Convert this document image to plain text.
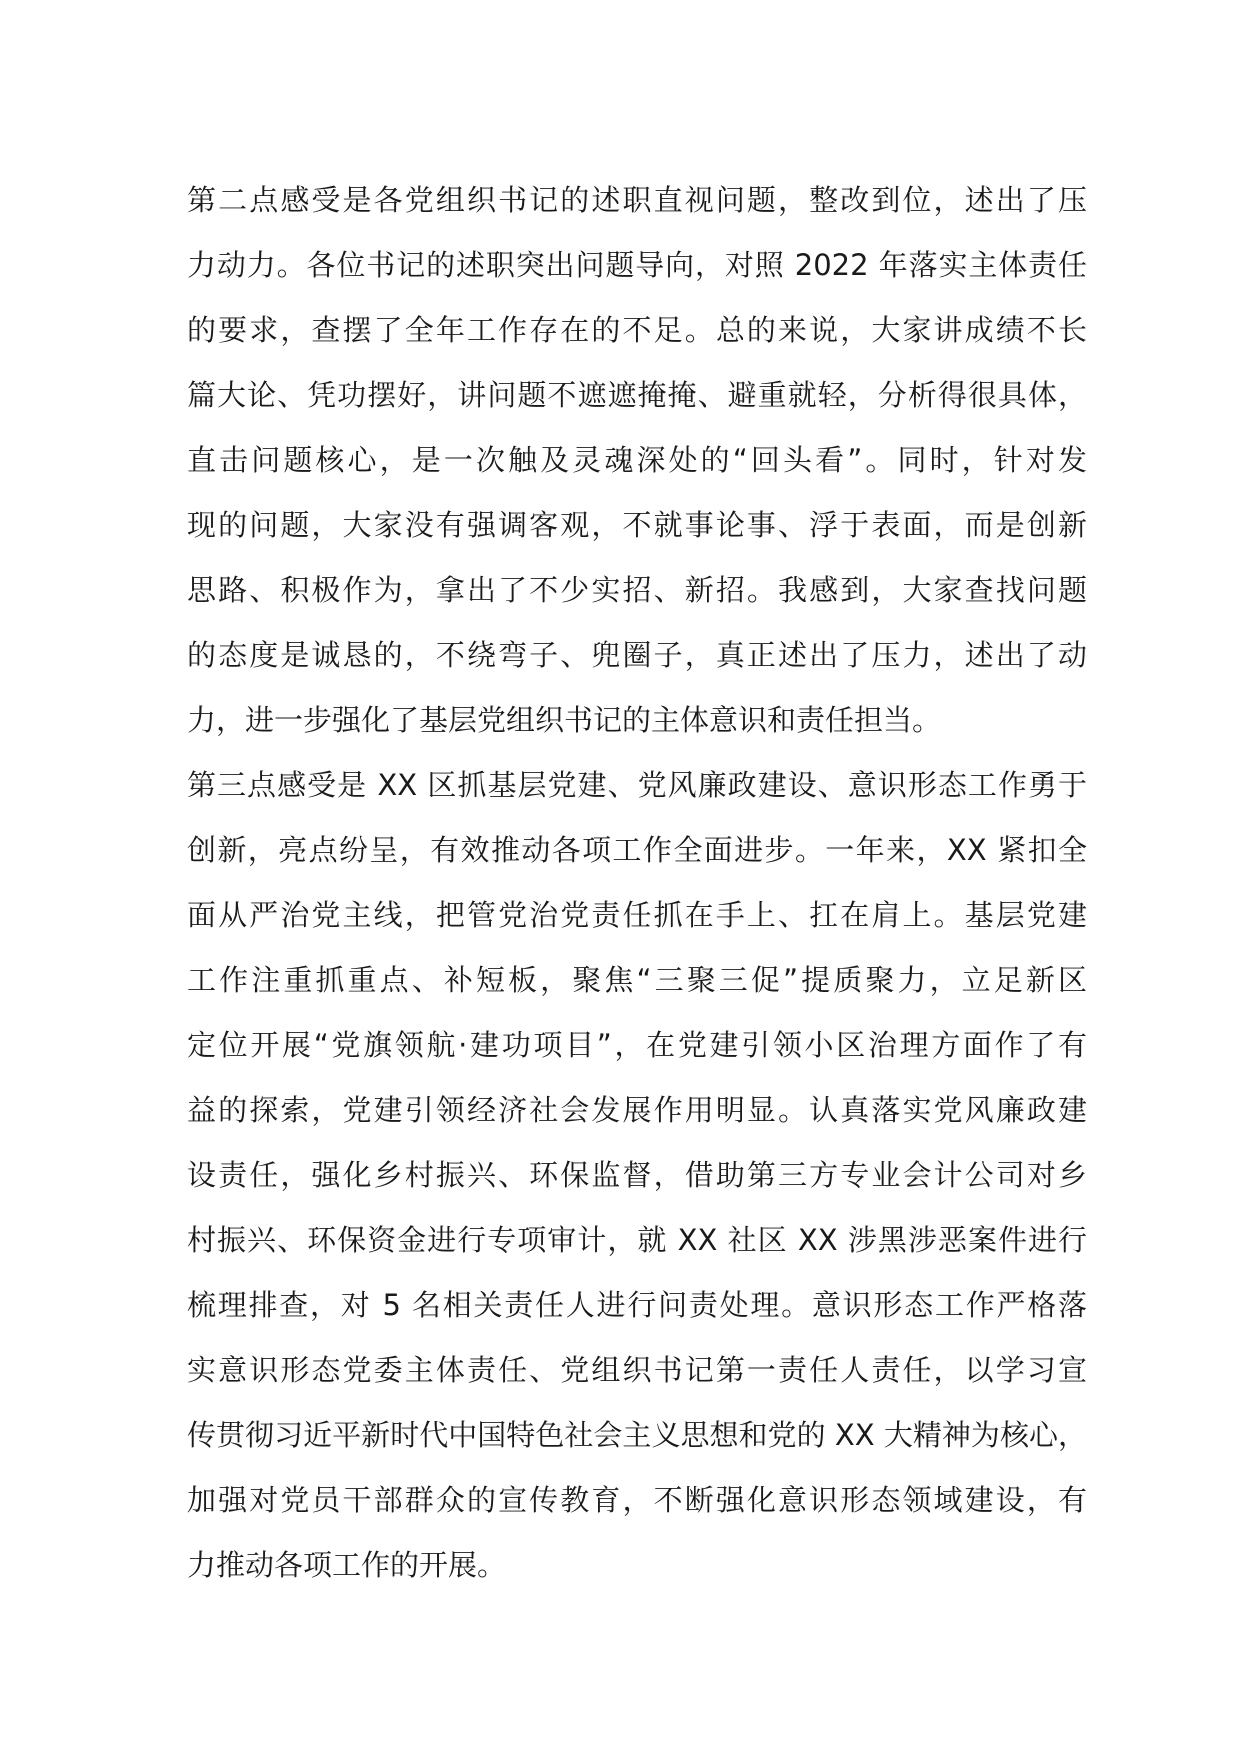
第二点感受是各党组织书记的述职直视问题，整改到位，述出了压
力动力。各位书记的述职突出问题导向，对照 2022 年落实主体责任
的要求，查摆了全年工作存在的不足。总的来说，大家讲成绩不长
篇大论、凭功摆好，讲问题不遮遮掩掩、避重就轻，分析得很具体，
直击问题核心，是一次触及灵魂深处的“回头看”。同时，针对发
现的问题，大家没有强调客观，不就事论事、浮于表面，而是创新
思路、积极作为，拿出了不少实招、新招。我感到，大家查找问题
的态度是诚恳的，不绕弯子、兜圈子，真正述出了压力，述出了动
力，进一步强化了基层党组织书记的主体意识和责任担当。
第三点感受是 XX 区抓基层党建、党风廉政建设、意识形态工作勇于
创新，亮点纷呈，有效推动各项工作全面进步。一年来，XX 紧扣全
面从严治党主线，把管党治党责任抓在手上、扛在肩上。基层党建
工作注重抓重点、补短板，聚焦“三聚三促”提质聚力，立足新区
定位开展“党旗领航·建功项目”，在党建引领小区治理方面作了有
益的探索，党建引领经济社会发展作用明显。认真落实党风廉政建
设责任，强化乡村振兴、环保监督，借助第三方专业会计公司对乡
村振兴、环保资金进行专项审计，就 XX 社区 XX 涉黑涉恶案件进行
梳理排查，对 5 名相关责任人进行问责处理。意识形态工作严格落
实意识形态党委主体责任、党组织书记第一责任人责任，以学习宣
传贯彻习近平新时代中国特色社会主义思想和党的 XX 大精神为核心，
加强对党员干部群众的宣传教育，不断强化意识形态领域建设，有
力推动各项工作的开展。
